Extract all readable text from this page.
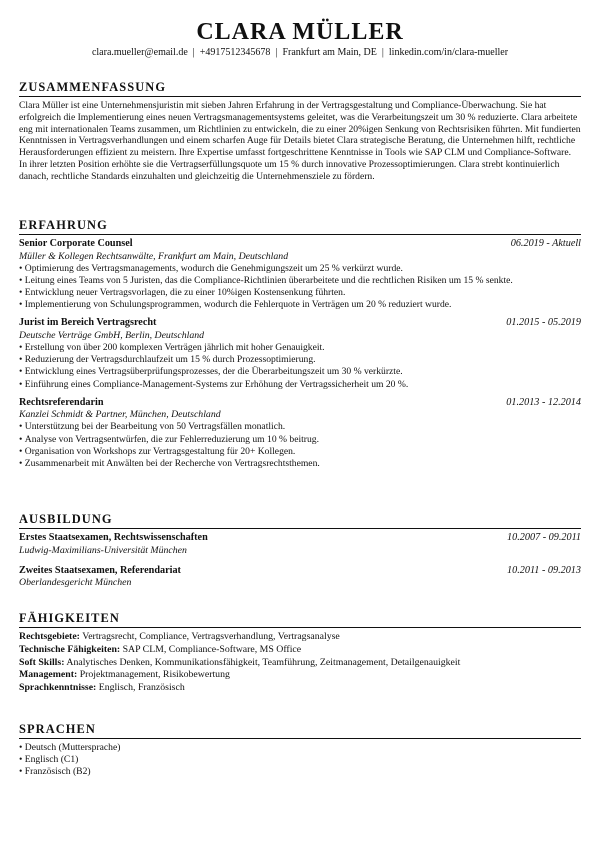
CLARA MÜLLER
clara.mueller@email.de | +4917512345678 | Frankfurt am Main, DE | linkedin.com/in/clara-mueller
ZUSAMMENFASSUNG

Clara Müller ist eine Unternehmensjuristin mit sieben Jahren Erfahrung in der Vertragsgestaltung und Compliance-Überwachung. Sie hat erfolgreich die Implementierung eines neuen Vertragsmanagementsystems geleitet, was die Verarbeitungszeit um 30 % reduzierte. Clara arbeitete eng mit internationalen Teams zusammen, um Richtlinien zu entwickeln, die zu einer 20%igen Senkung von Rechtsrisiken führten. Mit fundierten Kenntnissen in Vertragsverhandlungen und einem scharfen Auge für Details bietet Clara strategische Beratung, die Unternehmen hilft, rechtliche Herausforderungen effizient zu meistern. Ihre Expertise umfasst fortgeschrittene Kenntnisse in Tools wie SAP CLM und Compliance-Software. In ihrer letzten Position erhöhte sie die Vertragserfüllungsquote um 15 % durch innovative Prozessoptimierungen. Clara strebt kontinuierlich danach, rechtliche Standards einzuhalten und gleichzeitig die Unternehmensziele zu fördern.

ERFAHRUNG
Senior Corporate Counsel	06.2019 - Aktuell
Müller & Kollegen Rechtsanwälte, Frankfurt am Main, Deutschland
• Optimierung des Vertragsmanagements, wodurch die Genehmigungszeit um 25 % verkürzt wurde.
• Leitung eines Teams von 5 Juristen, das die Compliance-Richtlinien überarbeitete und die rechtlichen Risiken um 15 % senkte.
• Entwicklung neuer Vertragsvorlagen, die zu einer 10%igen Kostensenkung führten.
• Implementierung von Schulungsprogrammen, wodurch die Fehlerquote in Verträgen um 20 % reduziert wurde.
Jurist im Bereich Vertragsrecht	01.2015 - 05.2019
Deutsche Verträge GmbH, Berlin, Deutschland
• Erstellung von über 200 komplexen Verträgen jährlich mit hoher Genauigkeit.
• Reduzierung der Vertragsdurchlaufzeit um 15 % durch Prozessoptimierung.
• Entwicklung eines Vertragsüberprüfungsprozesses, der die Überarbeitungszeit um 30 % verkürzte.
• Einführung eines Compliance-Management-Systems zur Erhöhung der Vertragssicherheit um 20 %.
Rechtsreferendarin	01.2013 - 12.2014
Kanzlei Schmidt & Partner, München, Deutschland
• Unterstützung bei der Bearbeitung von 50 Vertragsfällen monatlich.
• Analyse von Vertragsentwürfen, die zur Fehlerreduzierung um 10 % beitrug.
• Organisation von Workshops zur Vertragsgestaltung für 20+ Kollegen.
• Zusammenarbeit mit Anwälten bei der Recherche von Vertragsrechtsthemen.
AUSBILDUNG
Erstes Staatsexamen, Rechtswissenschaften	10.2007 - 09.2011
Ludwig-Maximilians-Universität München
Zweites Staatsexamen, Referendariat	10.2011 - 09.2013
Oberlandesgericht München
FÄHIGKEITEN
Rechtsgebiete: Vertragsrecht, Compliance, Vertragsverhandlung, Vertragsanalyse
Technische Fähigkeiten: SAP CLM, Compliance-Software, MS Office
Soft Skills: Analytisches Denken, Kommunikationsfähigkeit, Teamführung, Zeitmanagement, Detailgenauigkeit
Management: Projektmanagement, Risikobewertung
Sprachkenntnisse: Englisch, Französisch
SPRACHEN
• Deutsch (Muttersprache)
• Englisch (C1)
• Französisch (B2)
